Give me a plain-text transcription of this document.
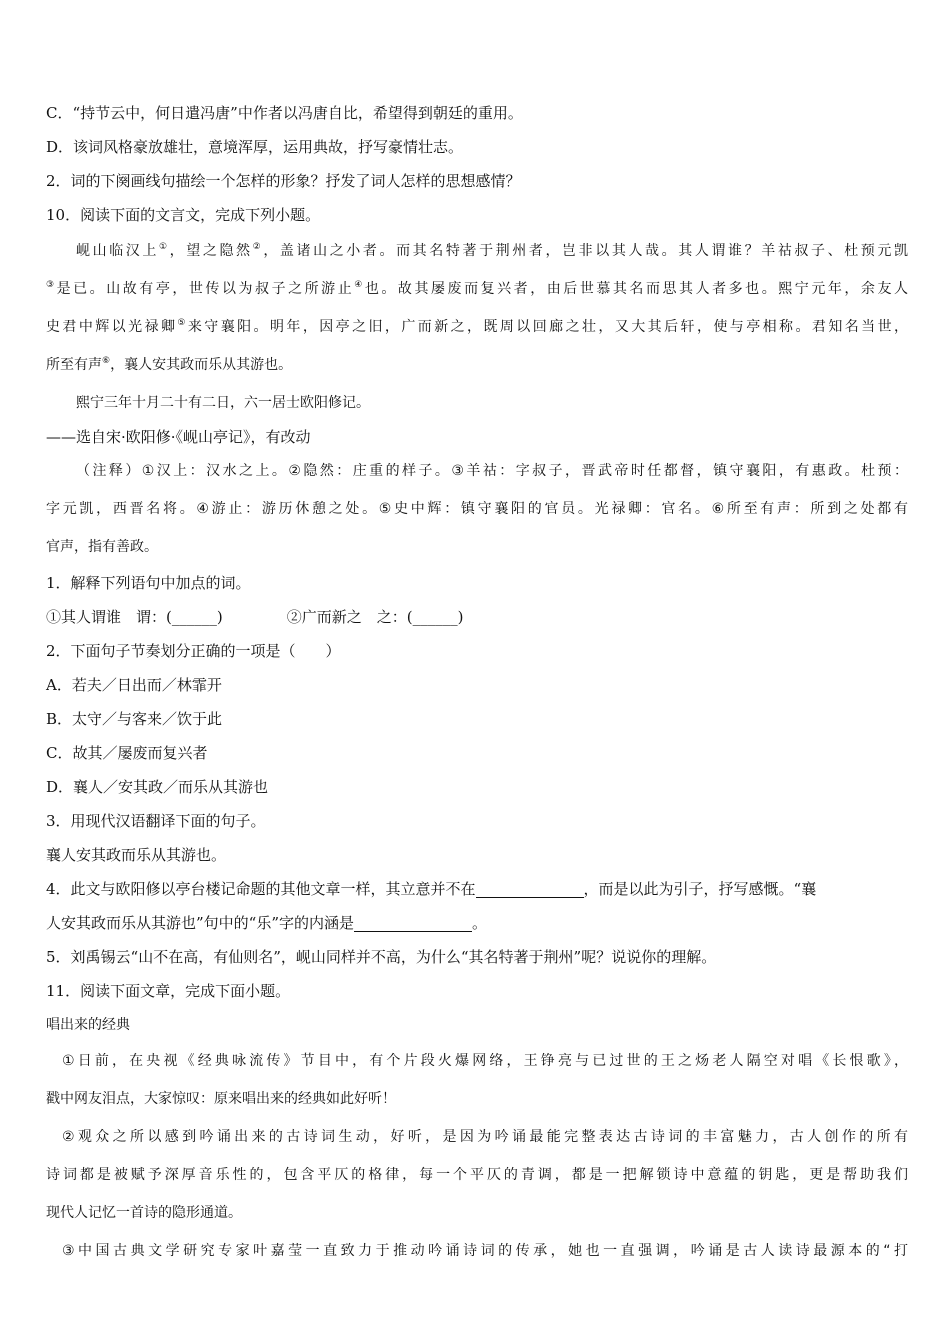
C．“持节云中，何日遣冯唐”中作者以冯唐自比，希望得到朝廷的重用。
D．该词风格豪放雄壮，意境浑厚，运用典故，抒写豪情壮志。
2．词的下阕画线句描绘一个怎样的形象？抒发了词人怎样的思想感情？
10．阅读下面的文言文，完成下列小题。
岘山临汉上①，望之隐然②，盖诸山之小者。而其名特著于荆州者，岂非以其人哉。其人谓谁？羊祜叔子、杜预元凯
③是已。山故有亭，世传以为叔子之所游止④也。故其屡废而复兴者，由后世慕其名而思其人者多也。熙宁元年，余友人
史君中辉以光禄卿⑤来守襄阳。明年，因亭之旧，广而新之，既周以回廊之壮，又大其后轩，使与亭相称。君知名当世，
所至有声⑥，襄人安其政而乐从其游也。
熙宁三年十月二十有二日，六一居士欧阳修记。
——选自宋·欧阳修·《岘山亭记》，有改动
（注释）①汉上：汉水之上。②隐然：庄重的样子。③羊祜：字叔子，晋武帝时任都督，镇守襄阳，有惠政。杜预：
字元凯，西晋名将。④游止：游历休憩之处。⑤史中辉：镇守襄阳的官员。光禄卿：官名。⑥所至有声：所到之处都有
官声，指有善政。
1．解释下列语句中加点的词。
①其人谓谁　谓：(______)	②广而新之　之：(______)
2．下面句子节奏划分正确的一项是（　　）
A．若夫／日出而／林霏开
B．太守／与客来／饮于此
C．故其／屡废而复兴者
D．襄人／安其政／而乐从其游也
3．用现代汉语翻译下面的句子。
襄人安其政而乐从其游也。
4．此文与欧阳修以亭台楼记命题的其他文章一样，其立意并不在	，而是以此为引子，抒写感慨。“襄
人安其政而乐从其游也”句中的“乐”字的内涵是	。
5．刘禹锡云“山不在高，有仙则名”，岘山同样并不高，为什么“其名特著于荆州”呢？说说你的理解。
11．阅读下面文章，完成下面小题。
唱出来的经典
①日前，在央视《经典咏流传》节目中，有个片段火爆网络，王铮亮与已过世的王之炀老人隔空对唱《长恨歌》，
戳中网友泪点，大家惊叹：原来唱出来的经典如此好听！
②观众之所以感到吟诵出来的古诗词生动，好听，是因为吟诵最能完整表达古诗词的丰富魅力，古人创作的所有
诗词都是被赋予深厚音乐性的，包含平仄的格律，每一个平仄的青调，都是一把解锁诗中意蕴的钥匙，更是帮助我们
现代人记忆一首诗的隐形通道。
③中国古典文学研究专家叶嘉莹一直致力于推动吟诵诗词的传承，她也一直强调，吟诵是古人读诗最源本的“打
